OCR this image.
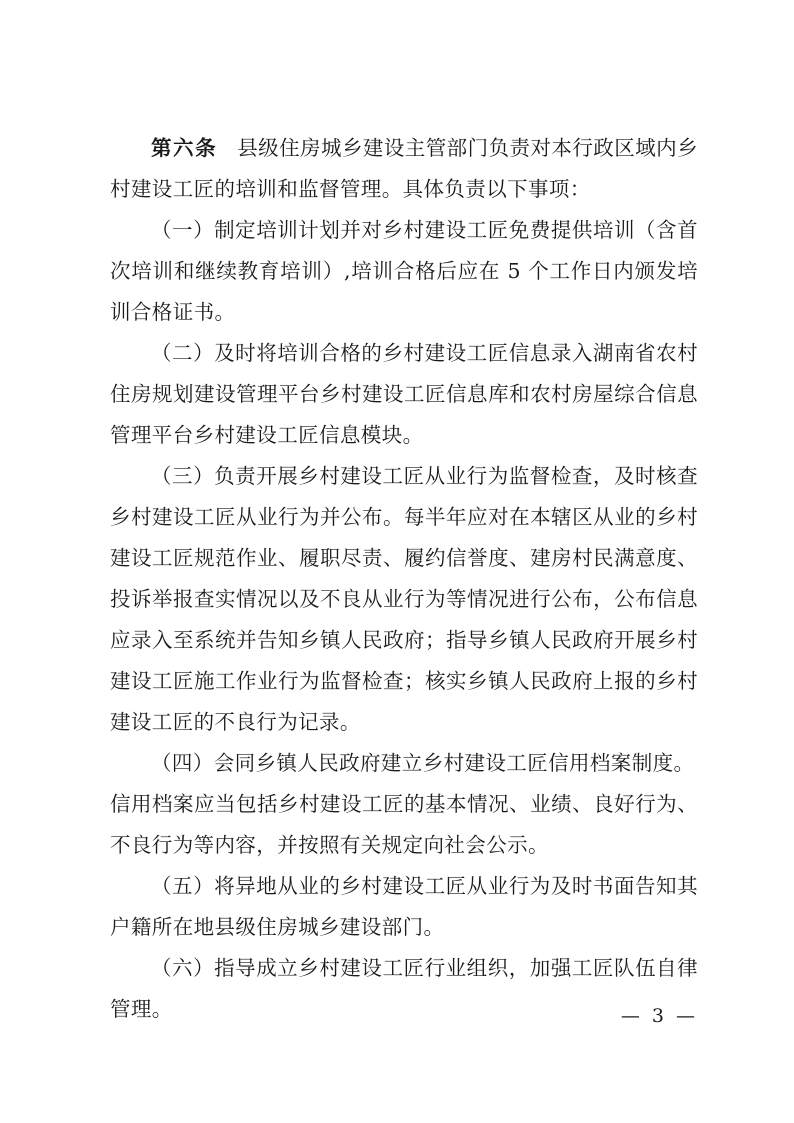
第六条 县级住房城乡建设主管部门负责对本行政区域内乡村建设工匠的培训和监督管理。具体负责以下事项：

（一）制定培训计划并对乡村建设工匠免费提供培训（含首次培训和继续教育培训）,培训合格后应在 5 个工作日内颁发培训合格证书。

（二）及时将培训合格的乡村建设工匠信息录入湖南省农村住房规划建设管理平台乡村建设工匠信息库和农村房屋综合信息管理平台乡村建设工匠信息模块。

（三）负责开展乡村建设工匠从业行为监督检查，及时核查乡村建设工匠从业行为并公布。每半年应对在本辖区从业的乡村建设工匠规范作业、履职尽责、履约信誉度、建房村民满意度、投诉举报查实情况以及不良从业行为等情况进行公布，公布信息应录入至系统并告知乡镇人民政府；指导乡镇人民政府开展乡村建设工匠施工作业行为监督检查；核实乡镇人民政府上报的乡村建设工匠的不良行为记录。

（四）会同乡镇人民政府建立乡村建设工匠信用档案制度。

信用档案应当包括乡村建设工匠的基本情况、业绩、良好行为、不良行为等内容，并按照有关规定向社会公示。

（五）将异地从业的乡村建设工匠从业行为及时书面告知其户籍所在地县级住房城乡建设部门。

（六）指导成立乡村建设工匠行业组织，加强工匠队伍自律管理。	— 3 —
